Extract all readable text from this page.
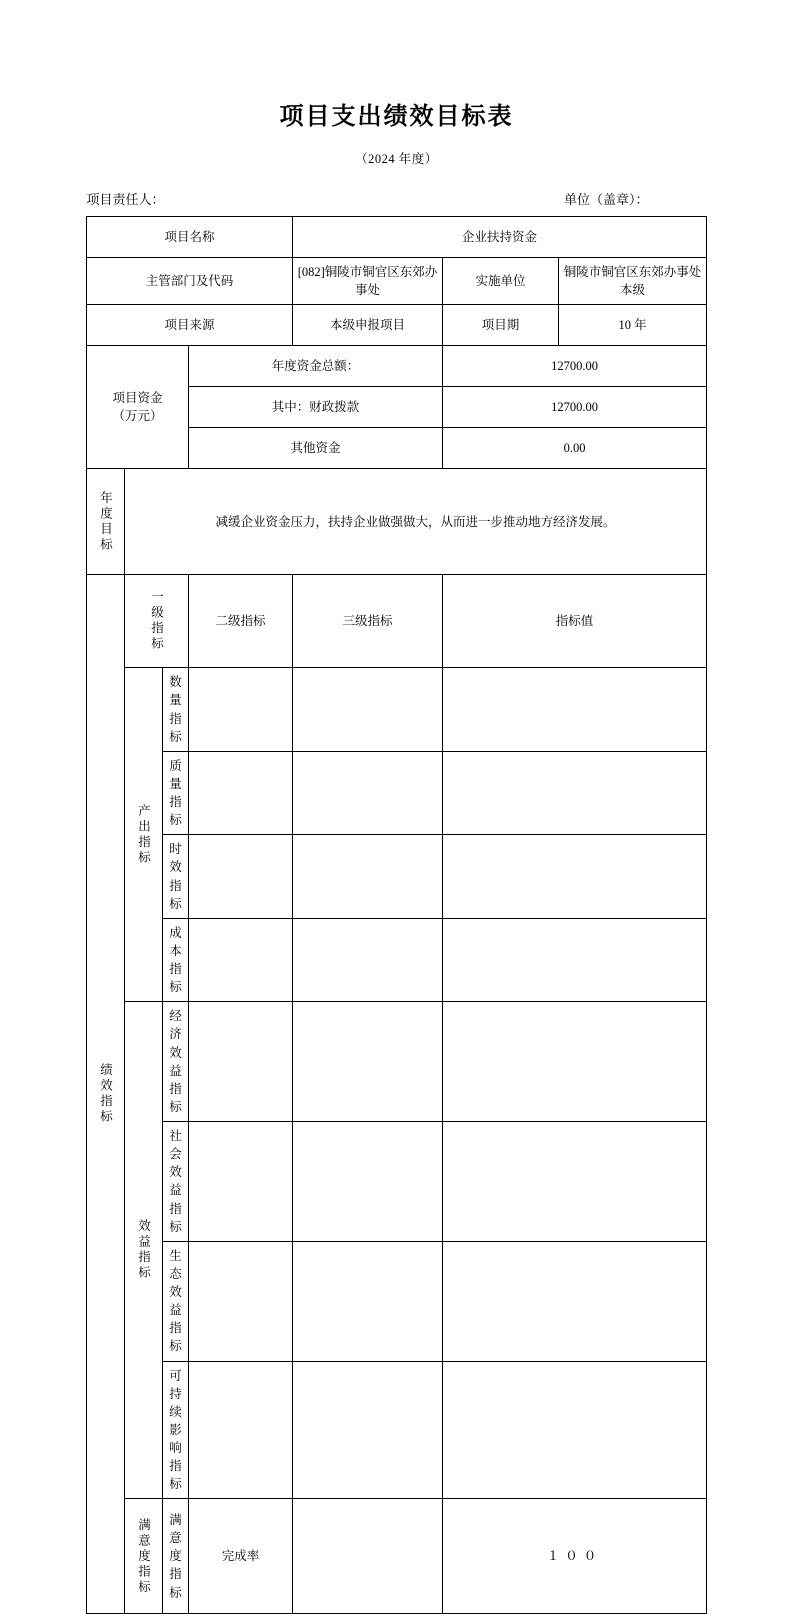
项目支出绩效目标表
（2024 年度）
项目责任人：	单位（盖章）：
项目名称				企业扶持资金		
主管部门及代码				[082]铜陵市铜官区东郊办事处	实施单位	铜陵市铜官区东郊办事处本级
项目来源				本级申报项目	项目期	10 年

项目资金
（万元）			年度资金总额：		12700.00	
			其中：财政拨款		12700.00	
			其他资金		0.00	
年度目标	减缓企业资金压力，扶持企业做强做大，从而进一步推动地方经济发展。					
绩效指标	一级指标		二级指标	三级指标	指标值	
	产出指标	数量指标				
		质量指标				
		时效指标				
		成本指标				
	效益指标	经济效益指标				
		社会效益指标				
		生态效益指标				
		可持续影响指标				
	满意度指标	满意度指标	完成率		１００	
